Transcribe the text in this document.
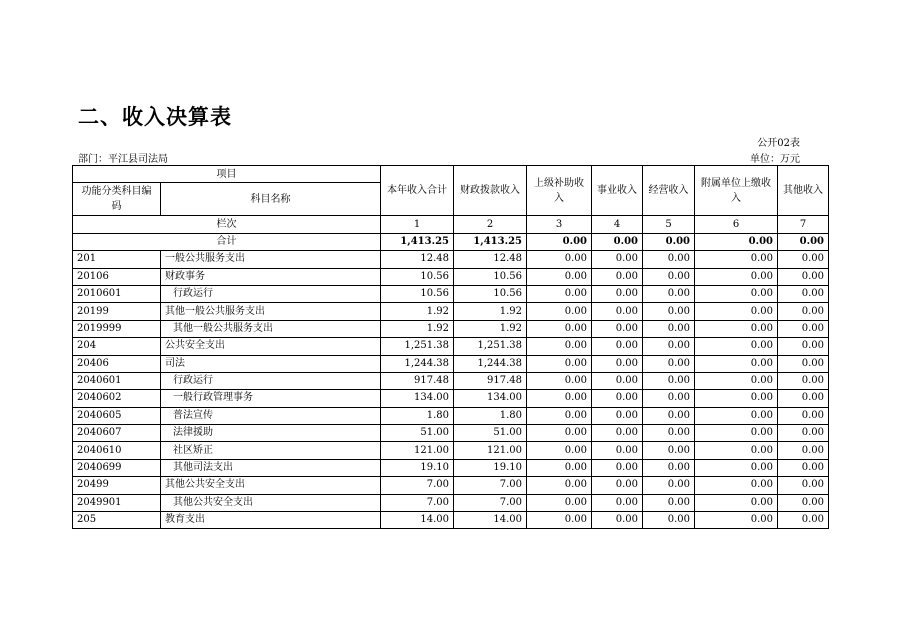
二、收入决算表
公开02表
部门：平江县司法局	单位：万元
项目		本年收入合计	财政拨款收入	上级补助收入	事业收入	经营收入	附属单位上缴收入	其他收入
功能分类科目编码	科目名称							
栏次		1	2	3	4	5	6	7
合计		1,413.25	1,413.25	0.00	0.00	0.00	0.00	0.00
201	一般公共服务支出	12.48	12.48	0.00	0.00	0.00	0.00	0.00
20106	财政事务	10.56	10.56	0.00	0.00	0.00	0.00	0.00
2010601	行政运行	10.56	10.56	0.00	0.00	0.00	0.00	0.00
20199	其他一般公共服务支出	1.92	1.92	0.00	0.00	0.00	0.00	0.00
2019999	其他一般公共服务支出	1.92	1.92	0.00	0.00	0.00	0.00	0.00
204	公共安全支出	1,251.38	1,251.38	0.00	0.00	0.00	0.00	0.00
20406	司法	1,244.38	1,244.38	0.00	0.00	0.00	0.00	0.00
2040601	行政运行	917.48	917.48	0.00	0.00	0.00	0.00	0.00
2040602	一般行政管理事务	134.00	134.00	0.00	0.00	0.00	0.00	0.00
2040605	普法宣传	1.80	1.80	0.00	0.00	0.00	0.00	0.00
2040607	法律援助	51.00	51.00	0.00	0.00	0.00	0.00	0.00
2040610	社区矫正	121.00	121.00	0.00	0.00	0.00	0.00	0.00
2040699	其他司法支出	19.10	19.10	0.00	0.00	0.00	0.00	0.00
20499	其他公共安全支出	7.00	7.00	0.00	0.00	0.00	0.00	0.00
2049901	其他公共安全支出	7.00	7.00	0.00	0.00	0.00	0.00	0.00
205	教育支出	14.00	14.00	0.00	0.00	0.00	0.00	0.00
